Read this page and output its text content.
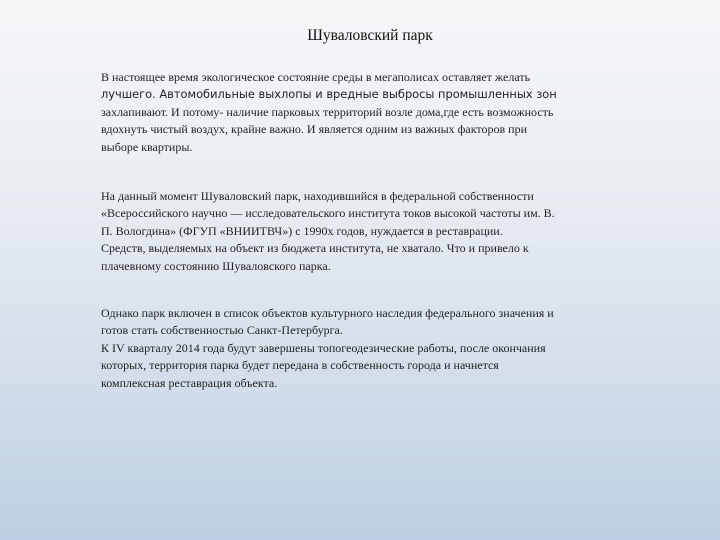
Шуваловский парк

В настоящее время экологическое состояние среды в мегаполисах оставляет желать
лучшего. Автомобильные выхлопы и вредные выбросы промышленных зон
захлапивают. И потому- наличие парковых территорий возле дома,где есть возможность
вдохнуть чистый воздух, крайне важно. И является одним из важных факторов при
выборе квартиры.

На данный момент Шуваловский парк, находившийся в федеральной собственности
«Всероссийского научно — исследовательского института токов высокой частоты им. В.
П. Вологдина» (ФГУП «ВНИИТВЧ») с 1990х годов, нуждается в реставрации.
Средств, выделяемых на объект из бюджета института, не хватало. Что и привело к
плачевному состоянию Шуваловского парка.

Однако парк включен в список объектов культурного наследия федерального значения и
готов стать собственностью Санкт-Петербурга.
К IV кварталу 2014 года будут завершены топогеодезические работы, после окончания
которых, территория парка будет передана в собственность города и начнется
комплексная реставрация объекта.
